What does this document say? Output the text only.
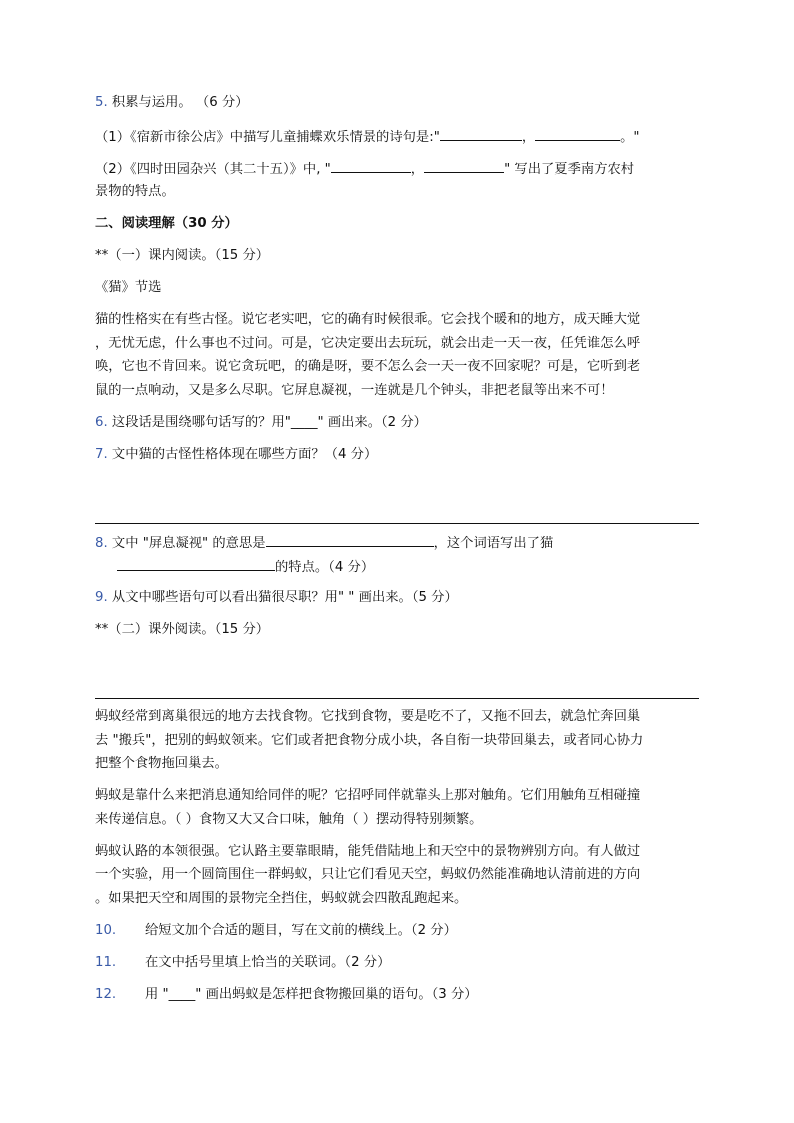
5. 积累与运用。 （6 分）
（1）《宿新市徐公店》中描写儿童捕蝶欢乐情景的诗句是:"	，	。"
（2）《四时田园杂兴（其二十五）》中, "	，	" 写出了夏季南方农村
景物的特点。
二、阅读理解（30 分）
**（一）课内阅读。（15 分）
《猫》节选
猫的性格实在有些古怪。说它老实吧，它的确有时候很乖。它会找个暖和的地方，成天睡大觉
，无忧无虑，什么事也不过问。可是，它决定要出去玩玩，就会出走一天一夜，任凭谁怎么呼
唤，它也不肯回来。说它贪玩吧，的确是呀，要不怎么会一天一夜不回家呢？可是，它听到老
鼠的一点响动，又是多么尽职。它屏息凝视，一连就是几个钟头，非把老鼠等出来不可！
6. 这段话是围绕哪句话写的？用"____" 画出来。（2 分）
7. 文中猫的古怪性格体现在哪些方面？（4 分）
8. 文中 "屏息凝视" 的意思是	，这个词语写出了猫
的特点。（4 分）
9. 从文中哪些语句可以看出猫很尽职？用" " 画出来。（5 分）
**（二）课外阅读。（15 分）
蚂蚁经常到离巢很远的地方去找食物。它找到食物，要是吃不了，又拖不回去，就急忙奔回巢
去 "搬兵"，把别的蚂蚁领来。它们或者把食物分成小块，各自衔一块带回巢去，或者同心协力
把整个食物拖回巢去。
蚂蚁是靠什么来把消息通知给同伴的呢？它招呼同伴就靠头上那对触角。它们用触角互相碰撞
来传递信息。（ ）食物又大又合口味，触角（ ）摆动得特别频繁。
蚂蚁认路的本领很强。它认路主要靠眼睛，能凭借陆地上和天空中的景物辨别方向。有人做过
一个实验，用一个圆筒围住一群蚂蚁，只让它们看见天空，蚂蚁仍然能准确地认清前进的方向
。如果把天空和周围的景物完全挡住，蚂蚁就会四散乱跑起来。
10. 给短文加个合适的题目，写在文前的横线上。（2 分）
11. 在文中括号里填上恰当的关联词。（2 分）
12. 用 "____" 画出蚂蚁是怎样把食物搬回巢的语句。（3 分）
